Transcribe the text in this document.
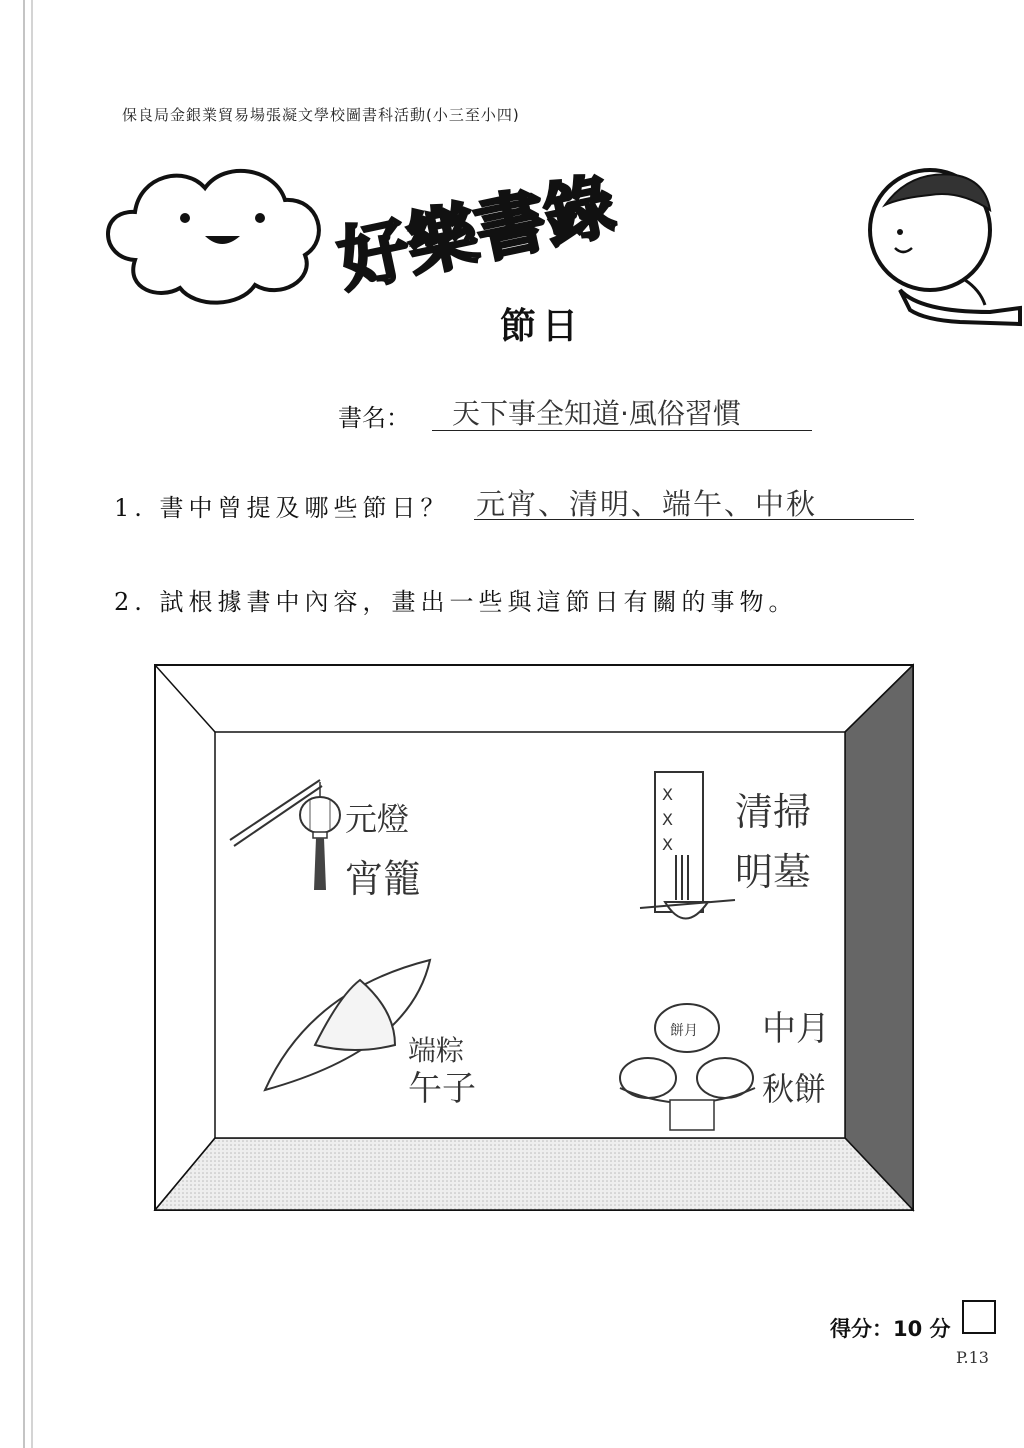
保良局金銀業貿易場張凝文學校圖書科活動(小三至小四)
好樂書錄
節日
書名： 天下事全知道·風俗習慣
1. 書中曾提及哪些節日？ 元宵、清明、端午、中秋
2. 試根據書中內容，畫出一些與這節日有關的事物。
元燈
宵籠
X
X
X
清掃
明墓
端粽
午子
餅月 中月
秋餅
得分：10 分
P.13
